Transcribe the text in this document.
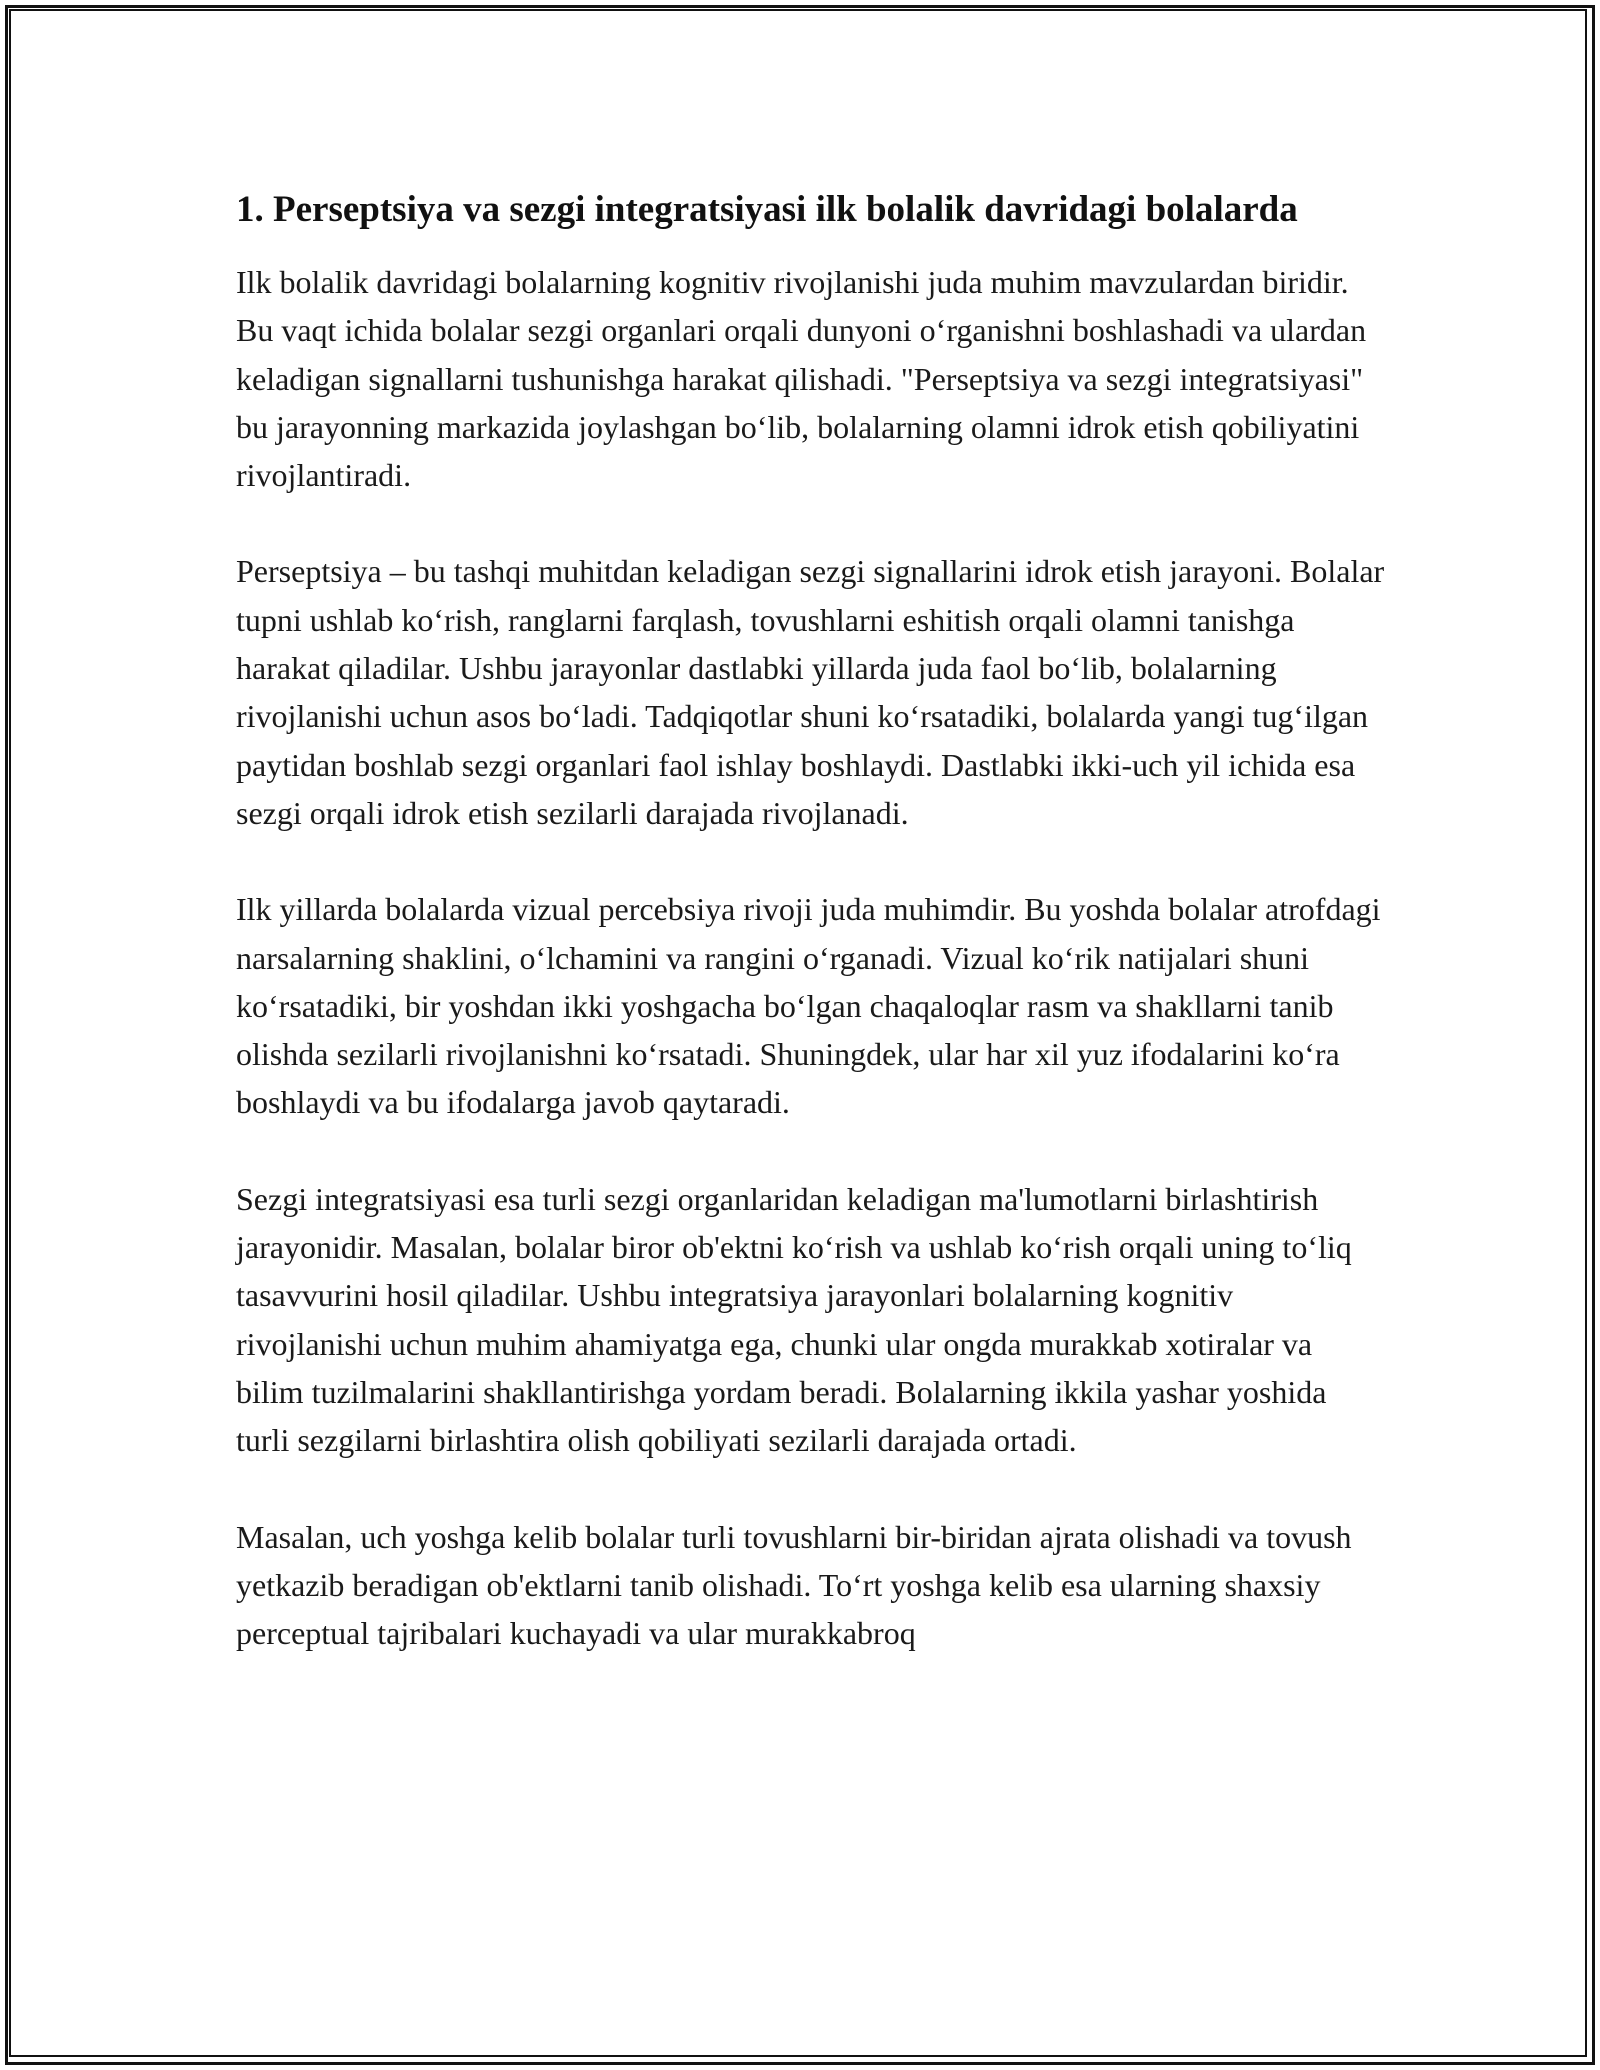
1. Perseptsiya va sezgi integratsiyasi ilk bolalik davridagi bolalarda

Ilk bolalik davridagi bolalarning kognitiv rivojlanishi juda muhim mavzulardan biridir. Bu vaqt ichida bolalar sezgi organlari orqali dunyoni o‘rganishni boshlashadi va ulardan keladigan signallarni tushunishga harakat qilishadi. "Perseptsiya va sezgi integratsiyasi" bu jarayonning markazida joylashgan bo‘lib, bolalarning olamni idrok etish qobiliyatini rivojlantiradi.

Perseptsiya – bu tashqi muhitdan keladigan sezgi signallarini idrok etish jarayoni. Bolalar tupni ushlab ko‘rish, ranglarni farqlash, tovushlarni eshitish orqali olamni tanishga harakat qiladilar. Ushbu jarayonlar dastlabki yillarda juda faol bo‘lib, bolalarning rivojlanishi uchun asos bo‘ladi. Tadqiqotlar shuni ko‘rsatadiki, bolalarda yangi tug‘ilgan paytidan boshlab sezgi organlari faol ishlay boshlaydi. Dastlabki ikki-uch yil ichida esa sezgi orqali idrok etish sezilarli darajada rivojlanadi.

Ilk yillarda bolalarda vizual percebsiya rivoji juda muhimdir. Bu yoshda bolalar atrofdagi narsalarning shaklini, o‘lchamini va rangini o‘rganadi. Vizual ko‘rik natijalari shuni ko‘rsatadiki, bir yoshdan ikki yoshgacha bo‘lgan chaqaloqlar rasm va shakllarni tanib olishda sezilarli rivojlanishni ko‘rsatadi. Shuningdek, ular har xil yuz ifodalarini ko‘ra boshlaydi va bu ifodalarga javob qaytaradi.

Sezgi integratsiyasi esa turli sezgi organlaridan keladigan ma'lumotlarni birlashtirish jarayonidir. Masalan, bolalar biror ob'ektni ko‘rish va ushlab ko‘rish orqali uning to‘liq tasavvurini hosil qiladilar. Ushbu integratsiya jarayonlari bolalarning kognitiv rivojlanishi uchun muhim ahamiyatga ega, chunki ular ongda murakkab xotiralar va bilim tuzilmalarini shakllantirishga yordam beradi. Bolalarning ikkila yashar yoshida turli sezgilarni birlashtira olish qobiliyati sezilarli darajada ortadi.

Masalan, uch yoshga kelib bolalar turli tovushlarni bir-biridan ajrata olishadi va tovush yetkazib beradigan ob'ektlarni tanib olishadi. To‘rt yoshga kelib esa ularning shaxsiy perceptual tajribalari kuchayadi va ular murakkabroq
